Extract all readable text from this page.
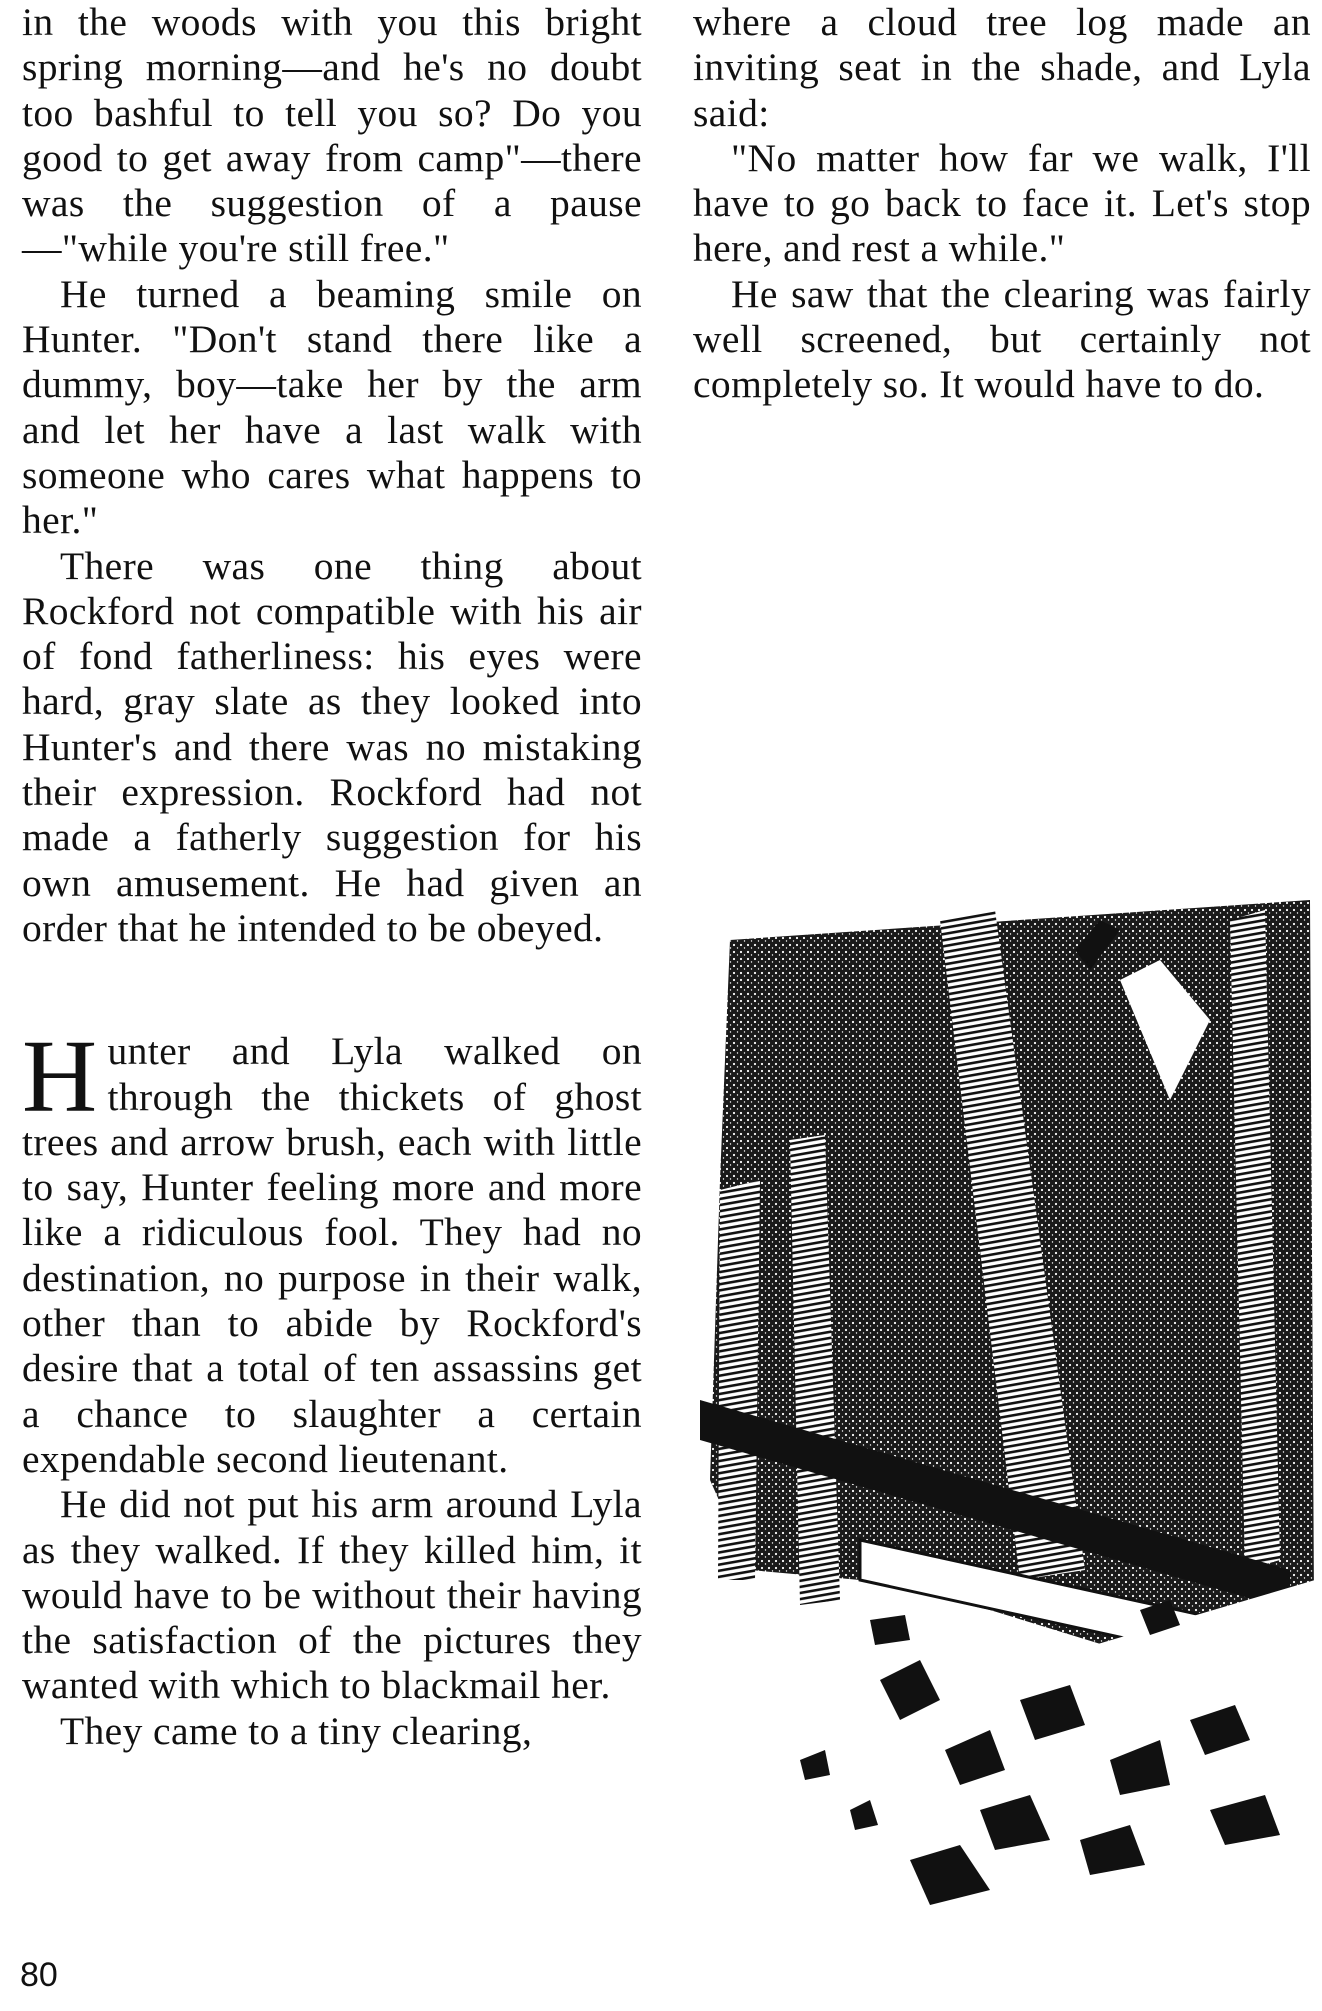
in the woods with you this bright spring morning—and he's no doubt too bashful to tell you so? Do you good to get away from camp"—there was the suggestion of a pause —"while you're still free."

He turned a beaming smile on Hunter. "Don't stand there like a dummy, boy—take her by the arm and let her have a last walk with someone who cares what happens to her."

There was one thing about Rockford not compatible with his air of fond fatherliness: his eyes were hard, gray slate as they looked into Hunter's and there was no mistaking their expression. Rockford had not made a fatherly suggestion for his own amusement. He had given an order that he intended to be obeyed.

Hunter and Lyla walked on through the thickets of ghost trees and arrow brush, each with little to say, Hunter feeling more and more like a ridiculous fool. They had no destination, no purpose in their walk, other than to abide by Rockford's desire that a total of ten assassins get a chance to slaughter a certain expendable second lieutenant.

He did not put his arm around Lyla as they walked. If they killed him, it would have to be without their having the satisfaction of the pictures they wanted with which to blackmail her.

They came to a tiny clearing,

where a cloud tree log made an inviting seat in the shade, and Lyla said:

"No matter how far we walk, I'll have to go back to face it. Let's stop here, and rest a while."

He saw that the clearing was fairly well screened, but certainly not completely so. It would have to do.

80
